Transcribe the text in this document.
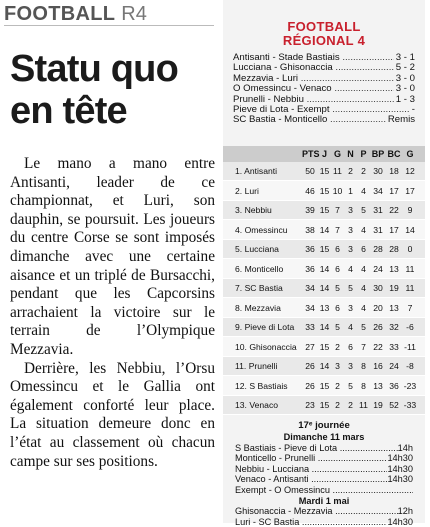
FOOTBALL R4
Statu quo
en tête

Le mano a mano entre Antisanti, leader de ce championnat, et Luri, son dauphin, se poursuit. Les joueurs du centre Corse se sont imposés dimanche avec une certaine aisance et un triplé de Bursacchi, pendant que les Capcorsins arrachaient la victoire sur le terrain de l’Olympique Mezzavia.

Derrière, les Nebbiu, l’Orsu Omessincu et le Gallia ont également conforté leur place. La situation demeure donc en l’état au classement où chacun campe sur ses positions.

FOOTBALL
RÉGIONAL 4
Antisanti - Stade Bastiais .....	3 - 1
Lucciana - Ghisonaccia .....	5 - 2
Mezzavia - Luri .....	3 - 0
O Omessincu - Venaco .....	3 - 0
Prunelli - Nebbiu .....	1 - 3
Pieve di Lota - Exempt .....	-
SC Bastia - Monticello .....	Remis
PTS J G N P BP BC G
1. Antisanti	50 15 11 2 2 30 18 12
2. Luri	46 15 10 1 4 34 17 17
3. Nebbiu	39 15 7 3 5 31 22	9
4. Omessincu	38 14 7 3 4 31 17 14
5. Lucciana	36 15 6 3 6 28 28	0
6. Monticello	36 14 6 4 4 24 13 11
7. SC Bastia	34 14 5 5 4 30 19 11
8. Mezzavia	34 13 6 3 4 20 13	7
9. Pieve di Lota	33 14 5 4 5 26 32 -6
10. Ghisonaccia 27 15 2 6 7 22 33 -11
11. Prunelli	26 14 3 3 8 16 24 -8
12. S Bastiais	26 15 2 5 8 13 36 -23
13. Venaco	23 15 2 2 11 19 52 -33
17ᵉ journée
Dimanche 11 mars
S Bastiais - Pieve di Lota .....	14h
Monticello - Prunelli .....	14h30
Nebbiu - Lucciana .....	14h30
Venaco - Antisanti .....	14h30
Exempt - O Omessincu .....
Mardi 1 mai
Ghisonaccia - Mezzavia .....	12h
Luri - SC Bastia .....	14h30
